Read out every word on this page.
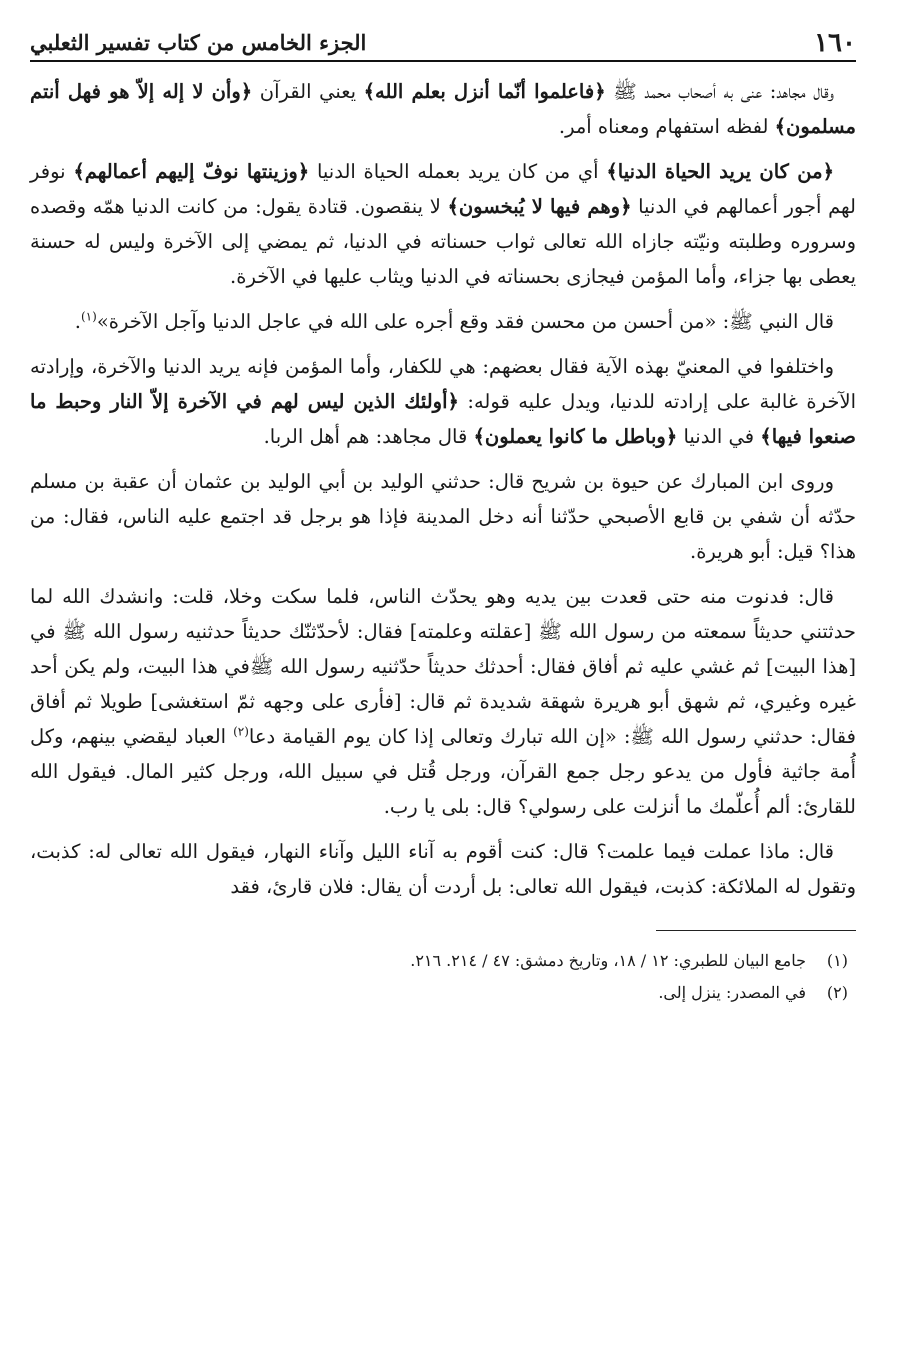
١٦٠
الجزء الخامس من كتاب تفسير الثعلبي

وقال مجاهد: عنى به أصحاب محمد ﷺ ﴿فاعلموا أنّما أنزل بعلم الله﴾ يعني القرآن ﴿وأن لا إله إلاّ هو فهل أنتم مسلمون﴾ لفظه استفهام ومعناه أمر.

﴿من كان يريد الحياة الدنيا﴾ أي من كان يريد بعمله الحياة الدنيا ﴿وزينتها نوفّ إليهم أعمالهم﴾ نوفر لهم أجور أعمالهم في الدنيا ﴿وهم فيها لا يُبخسون﴾ لا ينقصون. قتادة يقول: من كانت الدنيا همّه وقصده وسروره وطلبته ونيّته جازاه الله تعالى ثواب حسناته في الدنيا، ثم يمضي إلى الآخرة وليس له حسنة يعطى بها جزاء، وأما المؤمن فيجازى بحسناته في الدنيا ويثاب عليها في الآخرة.

قال النبي ﷺ: «من أحسن من محسن فقد وقع أجره على الله في عاجل الدنيا وآجل الآخرة»$^{(١)}$.

واختلفوا في المعنيّ بهذه الآية فقال بعضهم: هي للكفار، وأما المؤمن فإنه يريد الدنيا والآخرة، وإرادته الآخرة غالبة على إرادته للدنيا، ويدل عليه قوله: ﴿أولئك الذين ليس لهم في الآخرة إلاّ النار وحبط ما صنعوا فيها﴾ في الدنيا ﴿وباطل ما كانوا يعملون﴾ قال مجاهد: هم أهل الربا.

وروى ابن المبارك عن حيوة بن شريح قال: حدثني الوليد بن أبي الوليد بن عثمان أن عقبة بن مسلم حدّثه أن شفي بن قابع الأصبحي حدّثنا أنه دخل المدينة فإذا هو برجل قد اجتمع عليه الناس، فقال: من هذا؟ قيل: أبو هريرة.

قال: فدنوت منه حتى قعدت بين يديه وهو يحدّث الناس، فلما سكت وخلا، قلت: وانشدك الله لما حدثتني حديثاً سمعته من رسول الله ﷺ [عقلته وعلمته] فقال: لأحدّثنّك حديثاً حدثنيه رسول الله ﷺ في [هذا البيت] ثم غشي عليه ثم أفاق فقال: أحدثك حديثاً حدّثنيه رسول الله ﷺفي هذا البيت، ولم يكن أحد غيره وغيري، ثم شهق أبو هريرة شهقة شديدة ثم قال: [فأرى على وجهه ثمّ استغشى] طويلا ثم أفاق فقال: حدثني رسول الله ﷺ: «إن الله تبارك وتعالى إذا كان يوم القيامة دعا$^{(٢)}$ العباد ليقضي بينهم، وكل أُمة جاثية فأول من يدعو رجل جمع القرآن، ورجل قُتل في سبيل الله، ورجل كثير المال. فيقول الله للقارئ: ألم أُعلّمك ما أنزلت على رسولي؟ قال: بلى يا رب.

قال: ماذا عملت فيما علمت؟ قال: كنت أقوم به آناء الليل وآناء النهار، فيقول الله تعالى له: كذبت، وتقول له الملائكة: كذبت، فيقول الله تعالى: بل أردت أن يقال: فلان قارئ، فقد

(١)
جامع البيان للطبري: ١٢ / ١٨، وتاريخ دمشق: ٤٧ / ٢١٤. ٢١٦.
(٢)
في المصدر: ينزل إلى.
